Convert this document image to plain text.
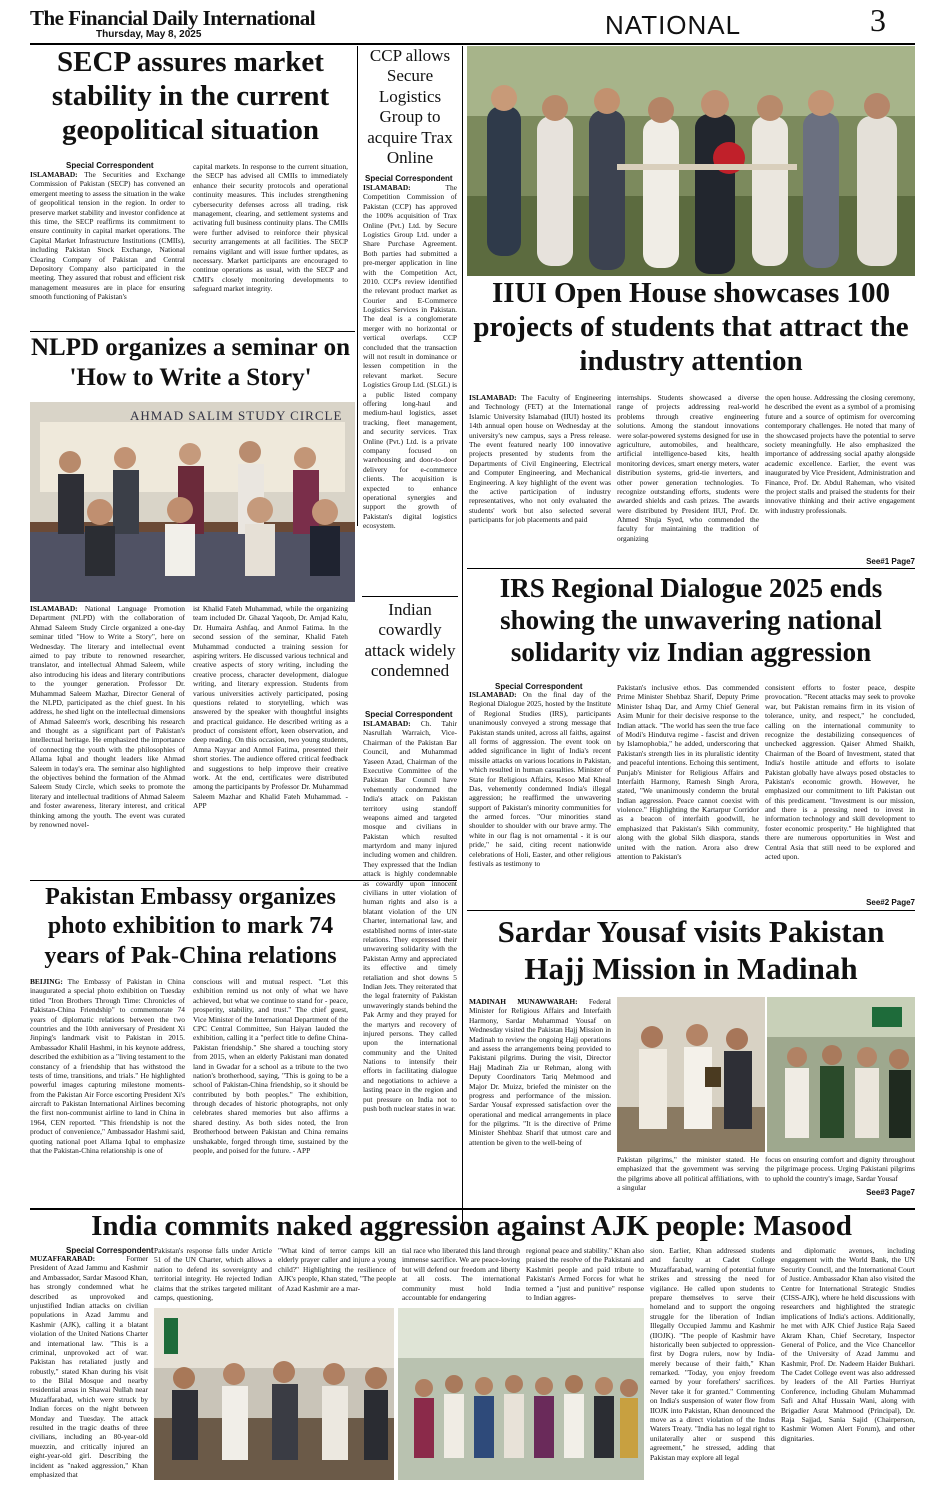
The Financial Daily International
Thursday, May 8, 2025	NATIONAL	3
SECP assures market stability in the current geopolitical situation
Special Correspondent
ISLAMABAD: The Securities and Exchange Commission of Pakistan (SECP) has convened an emergent meeting to assess the situation in the wake of geopolitical tension in the region. In order to preserve market stability and investor confidence at this time, the SECP reaffirms its commitment to ensure continuity in capital market operations. The Capital Market Infrastructure Institutions (CMIIs), including Pakistan Stock Exchange, National Clearing Company of Pakistan and Central Depository Company also participated in the meeting. They assured that robust and efficient risk management measures are in place for ensuring smooth functioning of Pakistan's
capital markets. In response to the current situation, the SECP has advised all CMIIs to immediately enhance their security protocols and operational continuity measures. This includes strengthening cybersecurity defenses across all trading, risk management, clearing, and settlement systems and activating full business continuity plans. The CMIIs were further advised to reinforce their physical security arrangements at all facilities. The SECP remains vigilant and will issue further updates, as necessary. Market participants are encouraged to continue operations as usual, with the SECP and CMII's closely monitoring developments to safeguard market integrity.
CCP allows Secure Logistics Group to acquire Trax Online
Special Correspondent
ISLAMABAD: The Competition Commission of Pakistan (CCP) has approved the 100% acquisition of Trax Online (Pvt.) Ltd. by Secure Logistics Group Ltd. under a Share Purchase Agreement. Both parties had submitted a pre-merger application in line with the Competition Act, 2010. CCP's review identified the relevant product market as Courier and E-Commerce Logistics Services in Pakistan. The deal is a conglomerate merger with no horizontal or vertical overlaps. CCP concluded that the transaction will not result in dominance or lessen competition in the relevant market. Secure Logistics Group Ltd. (SLGL) is a public listed company offering long-haul and medium-haul logistics, asset tracking, fleet management, and security services. Trax Online (Pvt.) Ltd. is a private company focused on warehousing and door-to-door delivery for e-commerce clients. The acquisition is expected to enhance operational synergies and support the growth of Pakistan's digital logistics ecosystem.
IIUI Open House showcases 100 projects of students that attract the industry attention
ISLAMABAD: The Faculty of Engineering and Technology (FET) at the International Islamic University Islamabad (IIUI) hosted its 14th annual open house on Wednesday at the university's new campus, says a Press release. The event featured nearly 100 innovative projects presented by students from the Departments of Civil Engineering, Electrical and Computer Engineering, and Mechanical Engineering. A key highlight of the event was the active participation of industry representatives, who not only evaluated the students' work but also selected several participants for job placements and paid
internships. Students showcased a diverse range of projects addressing real-world problems through creative engineering solutions. Among the standout innovations were solar-powered systems designed for use in agriculture, automobiles, and healthcare, artificial intelligence-based kits, health monitoring devices, smart energy meters, water distribution systems, grid-tie inverters, and other power generation technologies. To recognize outstanding efforts, students were awarded shields and cash prizes. The awards were distributed by President IIUI, Prof. Dr. Ahmed Shuja Syed, who commended the faculty for maintaining the tradition of organizing
the open house. Addressing the closing ceremony, he described the event as a symbol of a promising future and a source of optimism for overcoming contemporary challenges. He noted that many of the showcased projects have the potential to serve society meaningfully. He also emphasized the importance of addressing social apathy alongside academic excellence. Earlier, the event was inaugurated by Vice President, Administration and Finance, Prof. Dr. Abdul Raheman, who visited the project stalls and praised the students for their innovative thinking and their active engagement with industry professionals.
See#1 Page7
NLPD organizes a seminar on 'How to Write a Story'
AHMAD SALIM STUDY CIRCLE
ISLAMABAD: National Language Promotion Department (NLPD) with the collaboration of Ahmad Saleem Study Circle organized a one-day seminar titled "How to Write a Story", here on Wednesday. The literary and intellectual event aimed to pay tribute to renowned researcher, translator, and intellectual Ahmad Saleem, while also introducing his ideas and literary contributions to the younger generation. Professor Dr. Muhammad Saleem Mazhar, Director General of the NLPD, participated as the chief guest. In his address, he shed light on the intellectual dimensions of Ahmad Saleem's work, describing his research and thought as a significant part of Pakistan's intellectual heritage. He emphasized the importance of connecting the youth with the philosophies of Allama Iqbal and thought leaders like Ahmad Saleem in today's era. The seminar also highlighted the objectives behind the formation of the Ahmad Saleem Study Circle, which seeks to promote the literary and intellectual traditions of Ahmad Saleem and foster awareness, literary interest, and critical thinking among the youth. The event was curated by renowned novel-
ist Khalid Fateh Muhammad, while the organizing team included Dr. Ghazal Yaqoob, Dr. Amjad Kalu, Dr. Humaira Ashfaq, and Anmol Fatima. In the second session of the seminar, Khalid Fateh Muhammad conducted a training session for aspiring writers. He discussed various technical and creative aspects of story writing, including the creative process, character development, dialogue writing, and literary expression. Students from various universities actively participated, posing questions related to storytelling, which was answered by the speaker with thoughtful insights and practical guidance. He described writing as a product of consistent effort, keen observation, and deep reading. On this occasion, two young students, Amna Nayyar and Anmol Fatima, presented their short stories. The audience offered critical feedback and suggestions to help improve their creative work. At the end, certificates were distributed among the participants by Professor Dr. Muhammad Saleem Mazhar and Khalid Fateh Muhammad. - APP
Indian cowardly attack widely condemned
Special Correspondent
ISLAMABAD: Ch. Tahir Nasrullah Warraich, Vice-Chairman of the Pakistan Bar Council, and Muhammad Yaseen Azad, Chairman of the Executive Committee of the Pakistan Bar Council have vehemently condemned the India's attack on Pakistan territory using standoff weapons aimed and targeted mosque and civilians in Pakistan which resulted martyrdom and many injured including women and children. They expressed that the Indian attack is highly condemnable as cowardly upon innocent civilians in utter violation of human rights and also is a blatant violation of the UN Charter, international law, and established norms of inter-state relations. They expressed their unwavering solidarity with the Pakistan Army and appreciated its effective and timely retaliation and shot downs 5 Indian Jets. They reiterated that the legal fraternity of Pakistan unwaveringly stands behind the Pak Army and they prayed for the martyrs and recovery of injured persons. They called upon the international community and the United Nations to intensify their efforts in facilitating dialogue and negotiations to achieve a lasting peace in the region and put pressure on India not to push both nuclear states in war.
IRS Regional Dialogue 2025 ends showing the unwavering national solidarity viz Indian aggression
Special Correspondent
ISLAMABAD: On the final day of the Regional Dialogue 2025, hosted by the Institute of Regional Studies (IRS), participants unanimously conveyed a strong message that Pakistan stands united, across all faiths, against all forms of aggression. The event took on added significance in light of India's recent missile attacks on various locations in Pakistan, which resulted in human casualties. Minister of State for Religious Affairs, Kesoo Mal Kheal Das, vehemently condemned India's illegal aggression; he reaffirmed the unwavering support of Pakistan's minority communities for the armed forces. "Our minorities stand shoulder to shoulder with our brave army. The white in our flag is not ornamental - it is our pride," he said, citing recent nationwide celebrations of Holi, Easter, and other religious festivals as testimony to
Pakistan's inclusive ethos. Das commended Prime Minister Shehbaz Sharif, Deputy Prime Minister Ishaq Dar, and Army Chief General Asim Munir for their decisive response to the Indian attack. "The world has seen the true face of Modi's Hindutva regime - fascist and driven by Islamophobia," he added, underscoring that Pakistan's strength lies in its pluralistic identity and peaceful intentions. Echoing this sentiment, Punjab's Minister for Religious Affairs and Interfaith Harmony, Ramesh Singh Arora, stated, "We unanimously condemn the brutal Indian aggression. Peace cannot coexist with violence." Highlighting the Kartarpur Corridor as a beacon of interfaith goodwill, he emphasized that Pakistan's Sikh community, along with the global Sikh diaspora, stands united with the nation. Arora also drew attention to Pakistan's
consistent efforts to foster peace, despite provocation. "Recent attacks may seek to provoke war, but Pakistan remains firm in its vision of tolerance, unity, and respect," he concluded, calling on the international community to recognize the destabilizing consequences of unchecked aggression. Qaiser Ahmed Shaikh, Chairman of the Board of Investment, stated that India's hostile attitude and efforts to isolate Pakistan globally have always posed obstacles to Pakistan's economic growth. However, he emphasized our commitment to lift Pakistan out of this predicament. "Investment is our mission, and there is a pressing need to invest in information technology and skill development to foster economic prosperity." He highlighted that there are numerous opportunities in West and Central Asia that still need to be explored and acted upon.
See#2 Page7
Pakistan Embassy organizes photo exhibition to mark 74 years of Pak-China relations
BEIJING: The Embassy of Pakistan in China inaugurated a special photo exhibition on Tuesday titled "Iron Brothers Through Time: Chronicles of Pakistan-China Friendship" to commemorate 74 years of diplomatic relations between the two countries and the 10th anniversary of President Xi Jinping's landmark visit to Pakistan in 2015. Ambassador Khalil Hashmi, in his keynote address, described the exhibition as a "living testament to the constancy of a friendship that has withstood the tests of time, transitions, and trials." He highlighted powerful images capturing milestone moments-from the Pakistan Air Force escorting President Xi's aircraft to Pakistan International Airlines becoming the first non-communist airline to land in China in 1964, CEN reported. "This friendship is not the product of convenience," Ambassador Hashmi said, quoting national poet Allama Iqbal to emphasize that the Pakistan-China relationship is one of
conscious will and mutual respect. "Let this exhibition remind us not only of what we have achieved, but what we continue to stand for - peace, prosperity, stability, and trust." The chief guest, Vice Minister of the International Department of the CPC Central Committee, Sun Haiyan lauded the exhibition, calling it a "perfect title to define China-Pakistan friendship." She shared a touching story from 2015, when an elderly Pakistani man donated land in Gwadar for a school as a tribute to the two nation's brotherhood, saying, "This is going to be a school of Pakistan-China friendship, so it should be contributed by both peoples." The exhibition, through decades of historic photographs, not only celebrates shared memories but also affirms a shared destiny. As both sides noted, the Iron Brotherhood between Pakistan and China remains unshakable, forged through time, sustained by the people, and poised for the future. - APP
Sardar Yousaf visits Pakistan Hajj Mission in Madinah
MADINAH MUNAWWARAH: Federal Minister for Religious Affairs and Interfaith Harmony, Sardar Muhammad Yousaf on Wednesday visited the Pakistan Hajj Mission in Madinah to review the ongoing Hajj operations and assess the arrangements being provided to Pakistani pilgrims. During the visit, Director Hajj Madinah Zia ur Rehman, along with Deputy Coordinators Tariq Mehmood and Major Dr. Muizz, briefed the minister on the progress and performance of the mission. Sardar Yousaf expressed satisfaction over the operational and medical arrangements in place for the pilgrims. "It is the directive of Prime Minister Shehbaz Sharif that utmost care and attention be given to the well-being of
Pakistan pilgrims," the minister stated. He emphasized that the government was serving the pilgrims above all political affiliations, with a singular
focus on ensuring comfort and dignity throughout the pilgrimage process. Urging Pakistani pilgrims to uphold the country's image, Sardar Yousaf
See#3 Page7
India commits naked aggression against AJK people: Masood
Special Correspondent
MUZAFFARABAD: Former President of Azad Jammu and Kashmir and Ambassador, Sardar Masood Khan, has strongly condemned what he described as unprovoked and unjustified Indian attacks on civilian populations in Azad Jammu and Kashmir (AJK), calling it a blatant violation of the United Nations Charter and international law. "This is a criminal, unprovoked act of war. Pakistan has retaliated justly and robustly," stated Khan during his visit to the Bilal Mosque and nearby residential areas in Shawai Nullah near Muzaffarabad, which were struck by Indian forces on the night between Monday and Tuesday. The attack resulted in the tragic deaths of three civilians, including an 80-year-old muezzin, and critically injured an eight-year-old girl. Describing the incident as "naked aggression," Khan emphasized that
Pakistan's response falls under Article 51 of the UN Charter, which allows a nation to defend its sovereignty and territorial integrity. He rejected Indian claims that the strikes targeted militant camps, questioning,
"What kind of terror camps kill an elderly prayer caller and injure a young child?" Highlighting the resilience of AJK's people, Khan stated, "The people of Azad Kashmir are a mar-
tial race who liberated this land through immense sacrifice. We are peace-loving but will defend our freedom and liberty at all costs. The international community must hold India accountable for endangering
regional peace and stability." Khan also praised the resolve of the Pakistani and Kashmiri people and paid tribute to Pakistan's Armed Forces for what he termed a "just and punitive" response to Indian aggres-
sion. Earlier, Khan addressed students and faculty at Cadet College Muzaffarabad, warning of potential future strikes and stressing the need for vigilance. He called upon students to prepare themselves to serve their homeland and to support the ongoing struggle for the liberation of Indian Illegally Occupied Jammu and Kashmir (IIOJK). "The people of Kashmir have historically been subjected to oppression-first by Dogra rulers, now by India-merely because of their faith," Khan remarked. "Today, you enjoy freedom earned by your forefathers' sacrifices. Never take it for granted." Commenting on India's suspension of water flow from IIOJK into Pakistan, Khan denounced the move as a direct violation of the Indus Waters Treaty. "India has no legal right to unilaterally alter or suspend this agreement," he stressed, adding that Pakistan may explore all legal
and diplomatic avenues, including engagement with the World Bank, the UN Security Council, and the International Court of Justice. Ambassador Khan also visited the Centre for International Strategic Studies (CISS-AJK), where he held discussions with researchers and highlighted the strategic implications of India's actions. Additionally, he met with AJK Chief Justice Raja Saeed Akram Khan, Chief Secretary, Inspector General of Police, and the Vice Chancellor of the University of Azad Jammu and Kashmir, Prof. Dr. Nadeem Haider Bukhari. The Cadet College event was also addressed by leaders of the All Parties Hurriyat Conference, including Ghulam Muhammad Safi and Altaf Hussain Wani, along with Brigadier Asrat Mahmood (Principal), Dr. Raja Sajjad, Sania Sajid (Chairperson, Kashmir Women Alert Forum), and other dignitaries.
